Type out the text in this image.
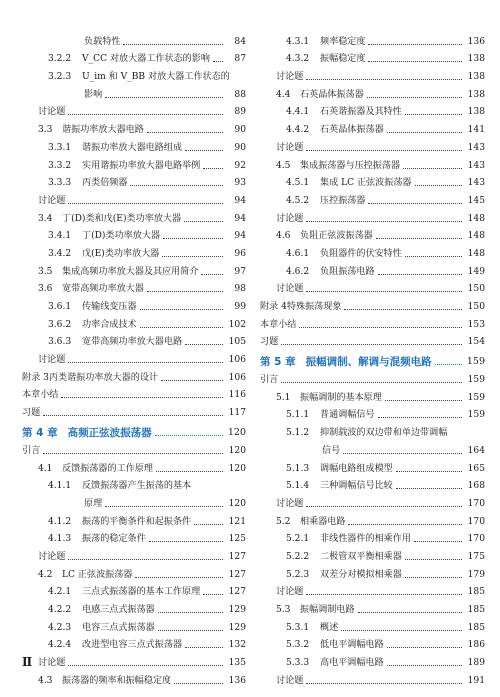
负载特性	84
3.2.2 V_CC 对放大器工作状态的影响	87
3.2.3 U_im 和 V_BB 对放大器工作状态的
影响	88
讨论题	89
3.3 谐振功率放大器电路	90
3.3.1 谐振功率放大器电路组成	90
3.3.2 实用谐振功率放大器电路举例	92
3.3.3 丙类倍频器	93
讨论题	94
3.4 丁(D)类和戊(E)类功率放大器	94
3.4.1 丁(D)类功率放大器	94
3.4.2 戊(E)类功率放大器	96
3.5 集成高频功率放大器及其应用简介	97
3.6 宽带高频功率放大器	98
3.6.1 传输线变压器	99
3.6.2 功率合成技术	102
3.6.3 宽带高频功率放大器电路	105
讨论题	106
附录 3丙类谐振功率放大器的设计	106
本章小结	116
习题	117
第 4 章 高频正弦波振荡器	120
引言	120
4.1 反馈振荡器的工作原理	120
4.1.1 反馈振荡器产生振荡的基本
原理	120
4.1.2 振荡的平衡条件和起振条件	121
4.1.3 振荡的稳定条件	125
讨论题	127
4.2 LC 正弦波振荡器	127
4.2.1 三点式振荡器的基本工作原理	127
4.2.2 电感三点式振荡器	129
4.2.3 电容三点式振荡器	129
4.2.4 改进型电容三点式振荡器	132
讨论题	135
4.3 振荡器的频率和振幅稳定度	136
4.3.1 频率稳定度	136
4.3.2 振幅稳定度	138
讨论题	138
4.4 石英晶体振荡器	138
4.4.1 石英谐振器及其特性	138
4.4.2 石英晶体振荡器	141
讨论题	143
4.5 集成振荡器与压控振荡器	143
4.5.1 集成 LC 正弦波振荡器	143
4.5.2 压控振荡器	145
讨论题	148
4.6 负阻正弦波振荡器	148
4.6.1 负阻器件的伏安特性	148
4.6.2 负阻振荡电路	149
讨论题	150
附录 4特殊振荡现象	150
本章小结	153
习题	154
第 5 章 振幅调制、解调与混频电路	159
引言	159
5.1 振幅调制的基本原理	159
5.1.1 普通调幅信号	159
5.1.2 抑制载波的双边带和单边带调幅
信号	164
5.1.3 调幅电路组成模型	165
5.1.4 三种调幅信号比较	168
讨论题	170
5.2 相乘器电路	170
5.2.1 非线性器件的相乘作用	170
5.2.2 二极管双平衡相乘器	175
5.2.3 双差分对模拟相乘器	179
讨论题	185
5.3 振幅调制电路	185
5.3.1 概述	185
5.3.2 低电平调幅电路	186
5.3.3 高电平调幅电路	189
讨论题	191
Ⅱ
